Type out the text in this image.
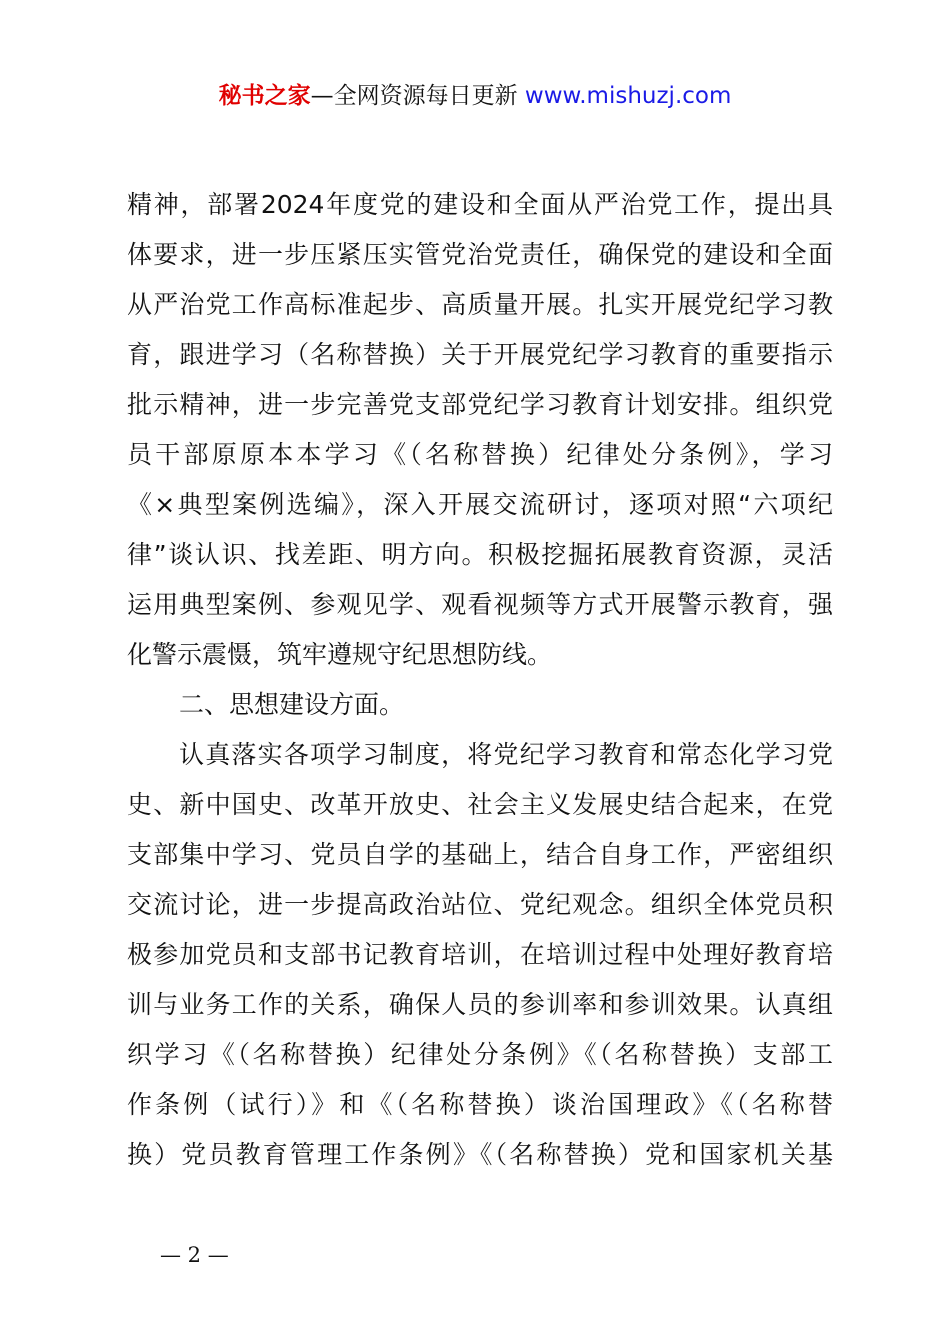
秘书之家—全网资源每日更新 www.mishuzj.com
精神，部署2024年度党的建设和全面从严治党工作，提出具
体要求，进一步压紧压实管党治党责任，确保党的建设和全面
从严治党工作高标准起步、高质量开展。扎实开展党纪学习教
育，跟进学习（名称替换）关于开展党纪学习教育的重要指示
批示精神，进一步完善党支部党纪学习教育计划安排。组织党
员干部原原本本学习《（名称替换）纪律处分条例》，学习
《×典型案例选编》，深入开展交流研讨，逐项对照“六项纪
律”谈认识、找差距、明方向。积极挖掘拓展教育资源，灵活
运用典型案例、参观见学、观看视频等方式开展警示教育，强
化警示震慑，筑牢遵规守纪思想防线。
二、思想建设方面。
认真落实各项学习制度，将党纪学习教育和常态化学习党
史、新中国史、改革开放史、社会主义发展史结合起来，在党
支部集中学习、党员自学的基础上，结合自身工作，严密组织
交流讨论，进一步提高政治站位、党纪观念。组织全体党员积
极参加党员和支部书记教育培训，在培训过程中处理好教育培
训与业务工作的关系，确保人员的参训率和参训效果。认真组
织学习《（名称替换）纪律处分条例》《（名称替换）支部工
作条例（试行）》和《（名称替换）谈治国理政》《（名称替
换）党员教育管理工作条例》《（名称替换）党和国家机关基
— 2 —
